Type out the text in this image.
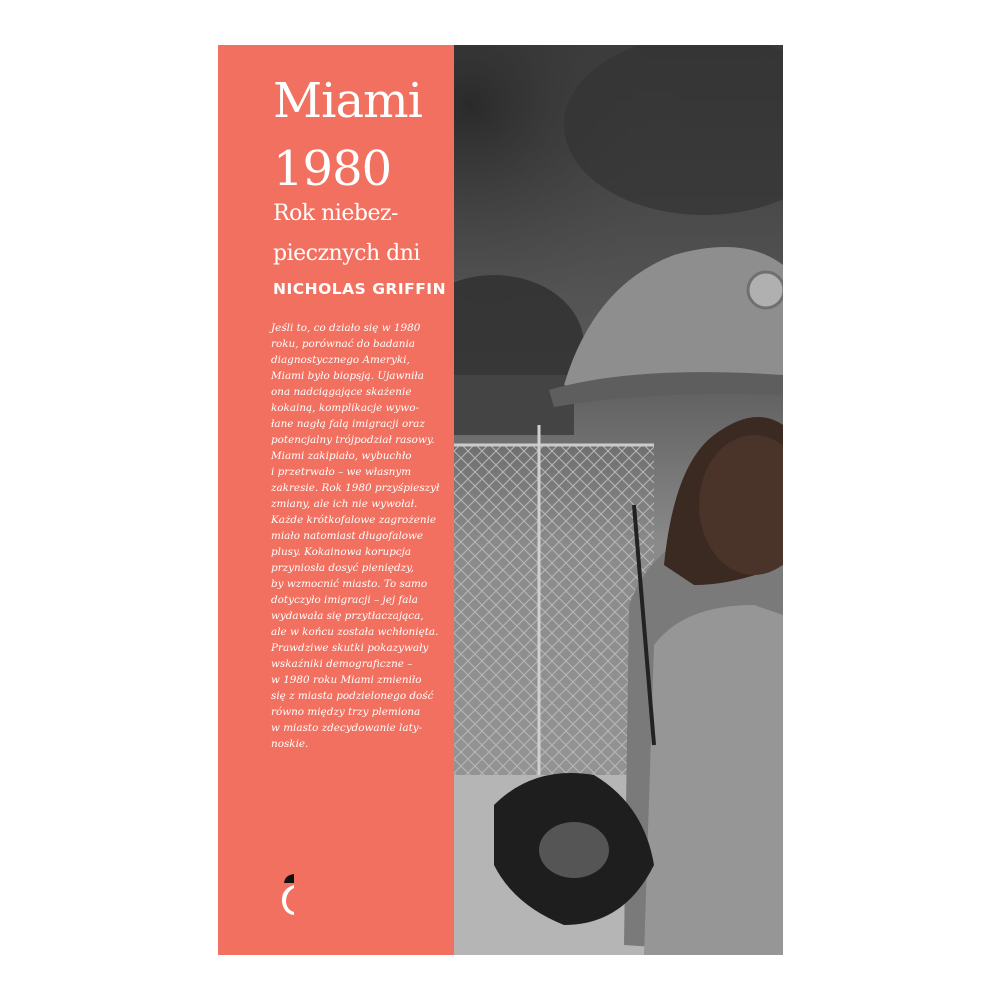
Miami
1980
Rok niebez-
piecznych dni
NICHOLAS GRIFFIN
Jeśli to, co działo się w 1980
roku, porównać do badania
diagnostycznego Ameryki,
Miami było biopsją. Ujawniła
ona nadciągające skażenie
kokainą, komplikacje wywo-
łane nagłą falą imigracji oraz
potencjalny trójpodział rasowy.
Miami zakipiało, wybuchło
i przetrwało – we własnym
zakresie. Rok 1980 przyśpieszył
zmiany, ale ich nie wywołał.
Każde krótkofalowe zagrożenie
miało natomiast długofalowe
plusy. Kokainowa korupcja
przyniosła dosyć pieniędzy,
by wzmocnić miasto. To samo
dotyczyło imigracji – jej fala
wydawała się przytłaczająca,
ale w końcu została wchłonięta.
Prawdziwe skutki pokazywały
wskaźniki demograficzne –
w 1980 roku Miami zmieniło
się z miasta podzielonego dość
równo między trzy plemiona
w miasto zdecydowanie laty-
noskie.
